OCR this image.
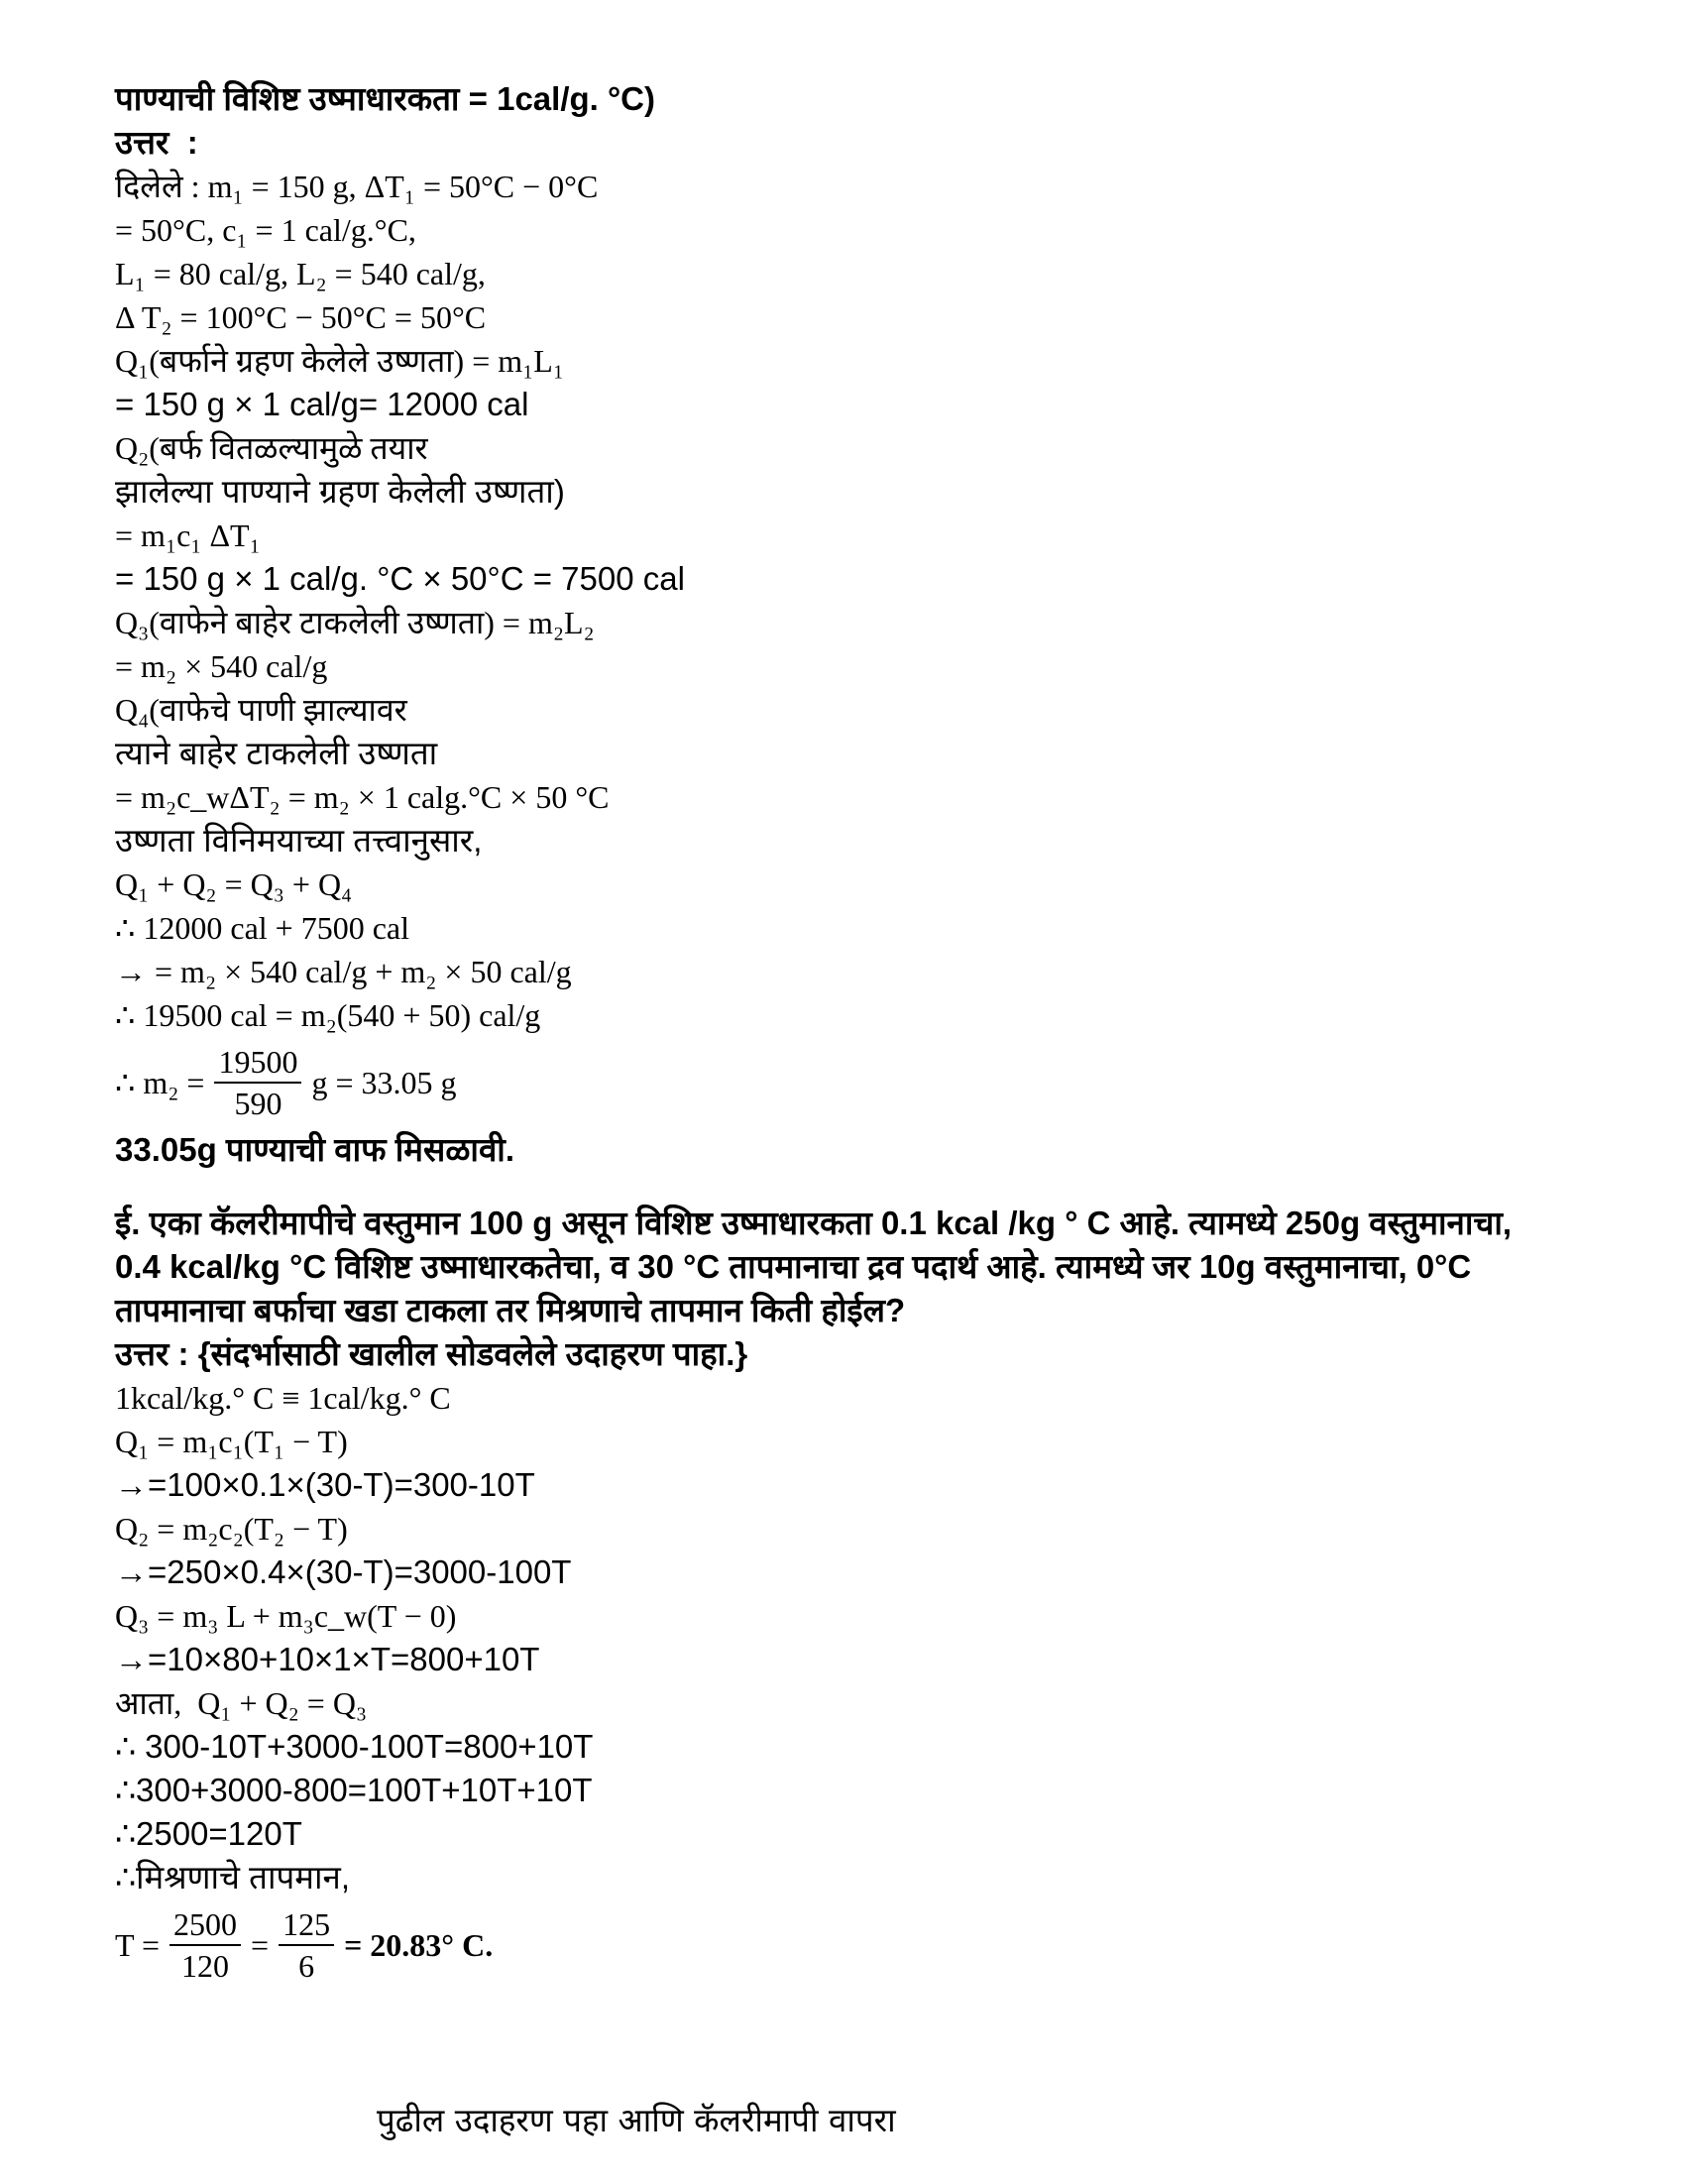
पाण्याची विशिष्ट उष्माधारकता = 1cal/g. °C)
उत्तर  :
दिलेले : m₁ = 150 g, ΔT₁ = 50°C − 0°C
= 50°C, c₁ = 1 cal/g.°C,
L₁ = 80 cal/g, L₂ = 540 cal/g,
Δ T₂ = 100°C − 50°C = 50°C
Q₁(बर्फाने ग्रहण केलेले उष्णता) = m₁L₁
= 150 g × 1 cal/g= 12000 cal
Q₂(बर्फ वितळल्यामुळे तयार
झालेल्या पाण्याने ग्रहण केलेली उष्णता)
= m₁c₁ ΔT₁
= 150 g × 1 cal/g. °C × 50°C = 7500 cal
Q₃(वाफेने बाहेर टाकलेली उष्णता) = m₂L₂
= m₂ × 540 cal/g
Q₄(वाफेचे पाणी झाल्यावर
त्याने बाहेर टाकलेली उष्णता
= m₂c_wΔT₂ = m₂ × 1 calg.°C × 50 °C
उष्णता विनिमयाच्या तत्त्वानुसार,
Q₁ + Q₂ = Q₃ + Q₄
∴ 12000 cal + 7500 cal
→ = m₂ × 540 cal/g + m₂ × 50 cal/g
∴ 19500 cal = m₂(540 + 50) cal/g
∴ $m_2 = \frac{19500}{590}$ g = 33.05 g
33.05g पाण्याची वाफ मिसळावी.
ई. एका कॅलरीमापीचे वस्तुमान 100 g असून विशिष्ट उष्माधारकता 0.1 kcal /kg ° C आहे. त्यामध्ये 250g वस्तुमानाचा, 0.4 kcal/kg °C विशिष्ट उष्माधारकतेचा, व 30 °C तापमानाचा द्रव पदार्थ आहे. त्यामध्ये जर 10g वस्तुमानाचा, 0°C तापमानाचा बर्फाचा खडा टाकला तर मिश्रणाचे तापमान किती होईल?
उत्तर : {संदर्भासाठी खालील सोडवलेले उदाहरण पाहा.}
1kcal/kg.° C ≡ 1cal/kg.° C
Q₁ = m₁c₁(T₁ − T)
→=100×0.1×(30-T)=300-10T
Q₂ = m₂c₂(T₂ − T)
→=250×0.4×(30-T)=3000-100T
Q₃ = m₃ L + m₃c_w(T − 0)
→=10×80+10×1×T=800+10T
आता,  Q₁ + Q₂ = Q₃
∴ 300-10T+3000-100T=800+10T
∴300+3000-800=100T+10T+10T
∴2500=120T
∴मिश्रणाचे तापमान,
$T = \frac{2500}{120} = \frac{125}{6} = 20.83^\circ$ C.
पुढील उदाहरण पहा आणि कॅलरीमापी वापरा
